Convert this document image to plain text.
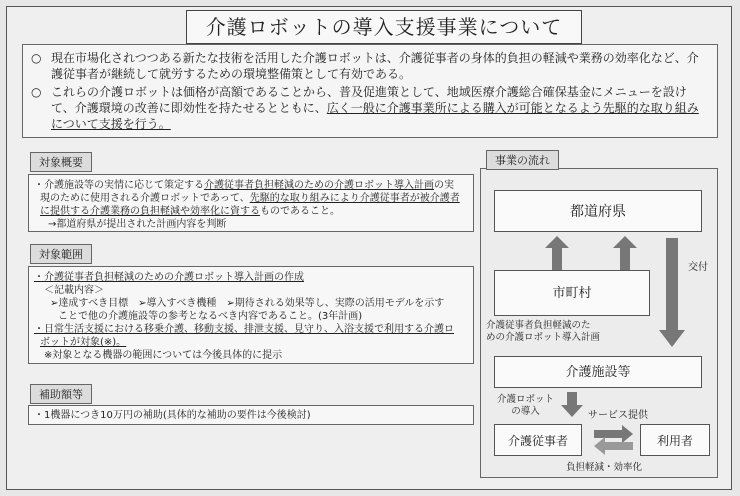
介護ロボットの導入支援事業について

○ 現在市場化されつつある新たな技術を活用した介護ロボットは、介護従事者の身体的負担の軽減や業務の効率化など、介護従事者が継続して就労するための環境整備策として有効である。

○ これらの介護ロボットは価格が高額であることから、普及促進策として、地域医療介護総合確保基金にメニューを設けて、介護環境の改善に即効性を持たせるとともに、広く一般に介護事業所による購入が可能となるよう先駆的な取り組みについて支援を行う。

対象概要
・介護施設等の実情に応じて策定する介護従事者負担軽減のための介護ロボット導入計画の実
現のために使用される介護ロボットであって、先駆的な取り組みにより介護従事者が被介護者
に提供する介護業務の負担軽減や効率化に資するものであること。
→都道府県が提出された計画内容を判断
対象範囲
・介護従事者負担軽減のための介護ロボット導入計画の作成
＜記載内容＞
➢達成すべき目標　➢導入すべき機種　➢期待される効果等し、実際の活用モデルを示す
ことで他の介護施設等の参考となるべき内容であること。(3年計画)
・日常生活支援における移乗介護、移動支援、排泄支援、見守り、入浴支援で利用する介護ロ
ボットが対象(※)。
※対象となる機器の範囲については今後具体的に提示
補助額等
・1機器につき10万円の補助(具体的な補助の要件は今後検討)
事業の流れ
都道府県
交付
市町村
介護従事者負担軽減のた
めの介護ロボット導入計画
介護施設等
介護ロボット
の導入	サービス提供
介護従事者	利用者
負担軽減・効率化
